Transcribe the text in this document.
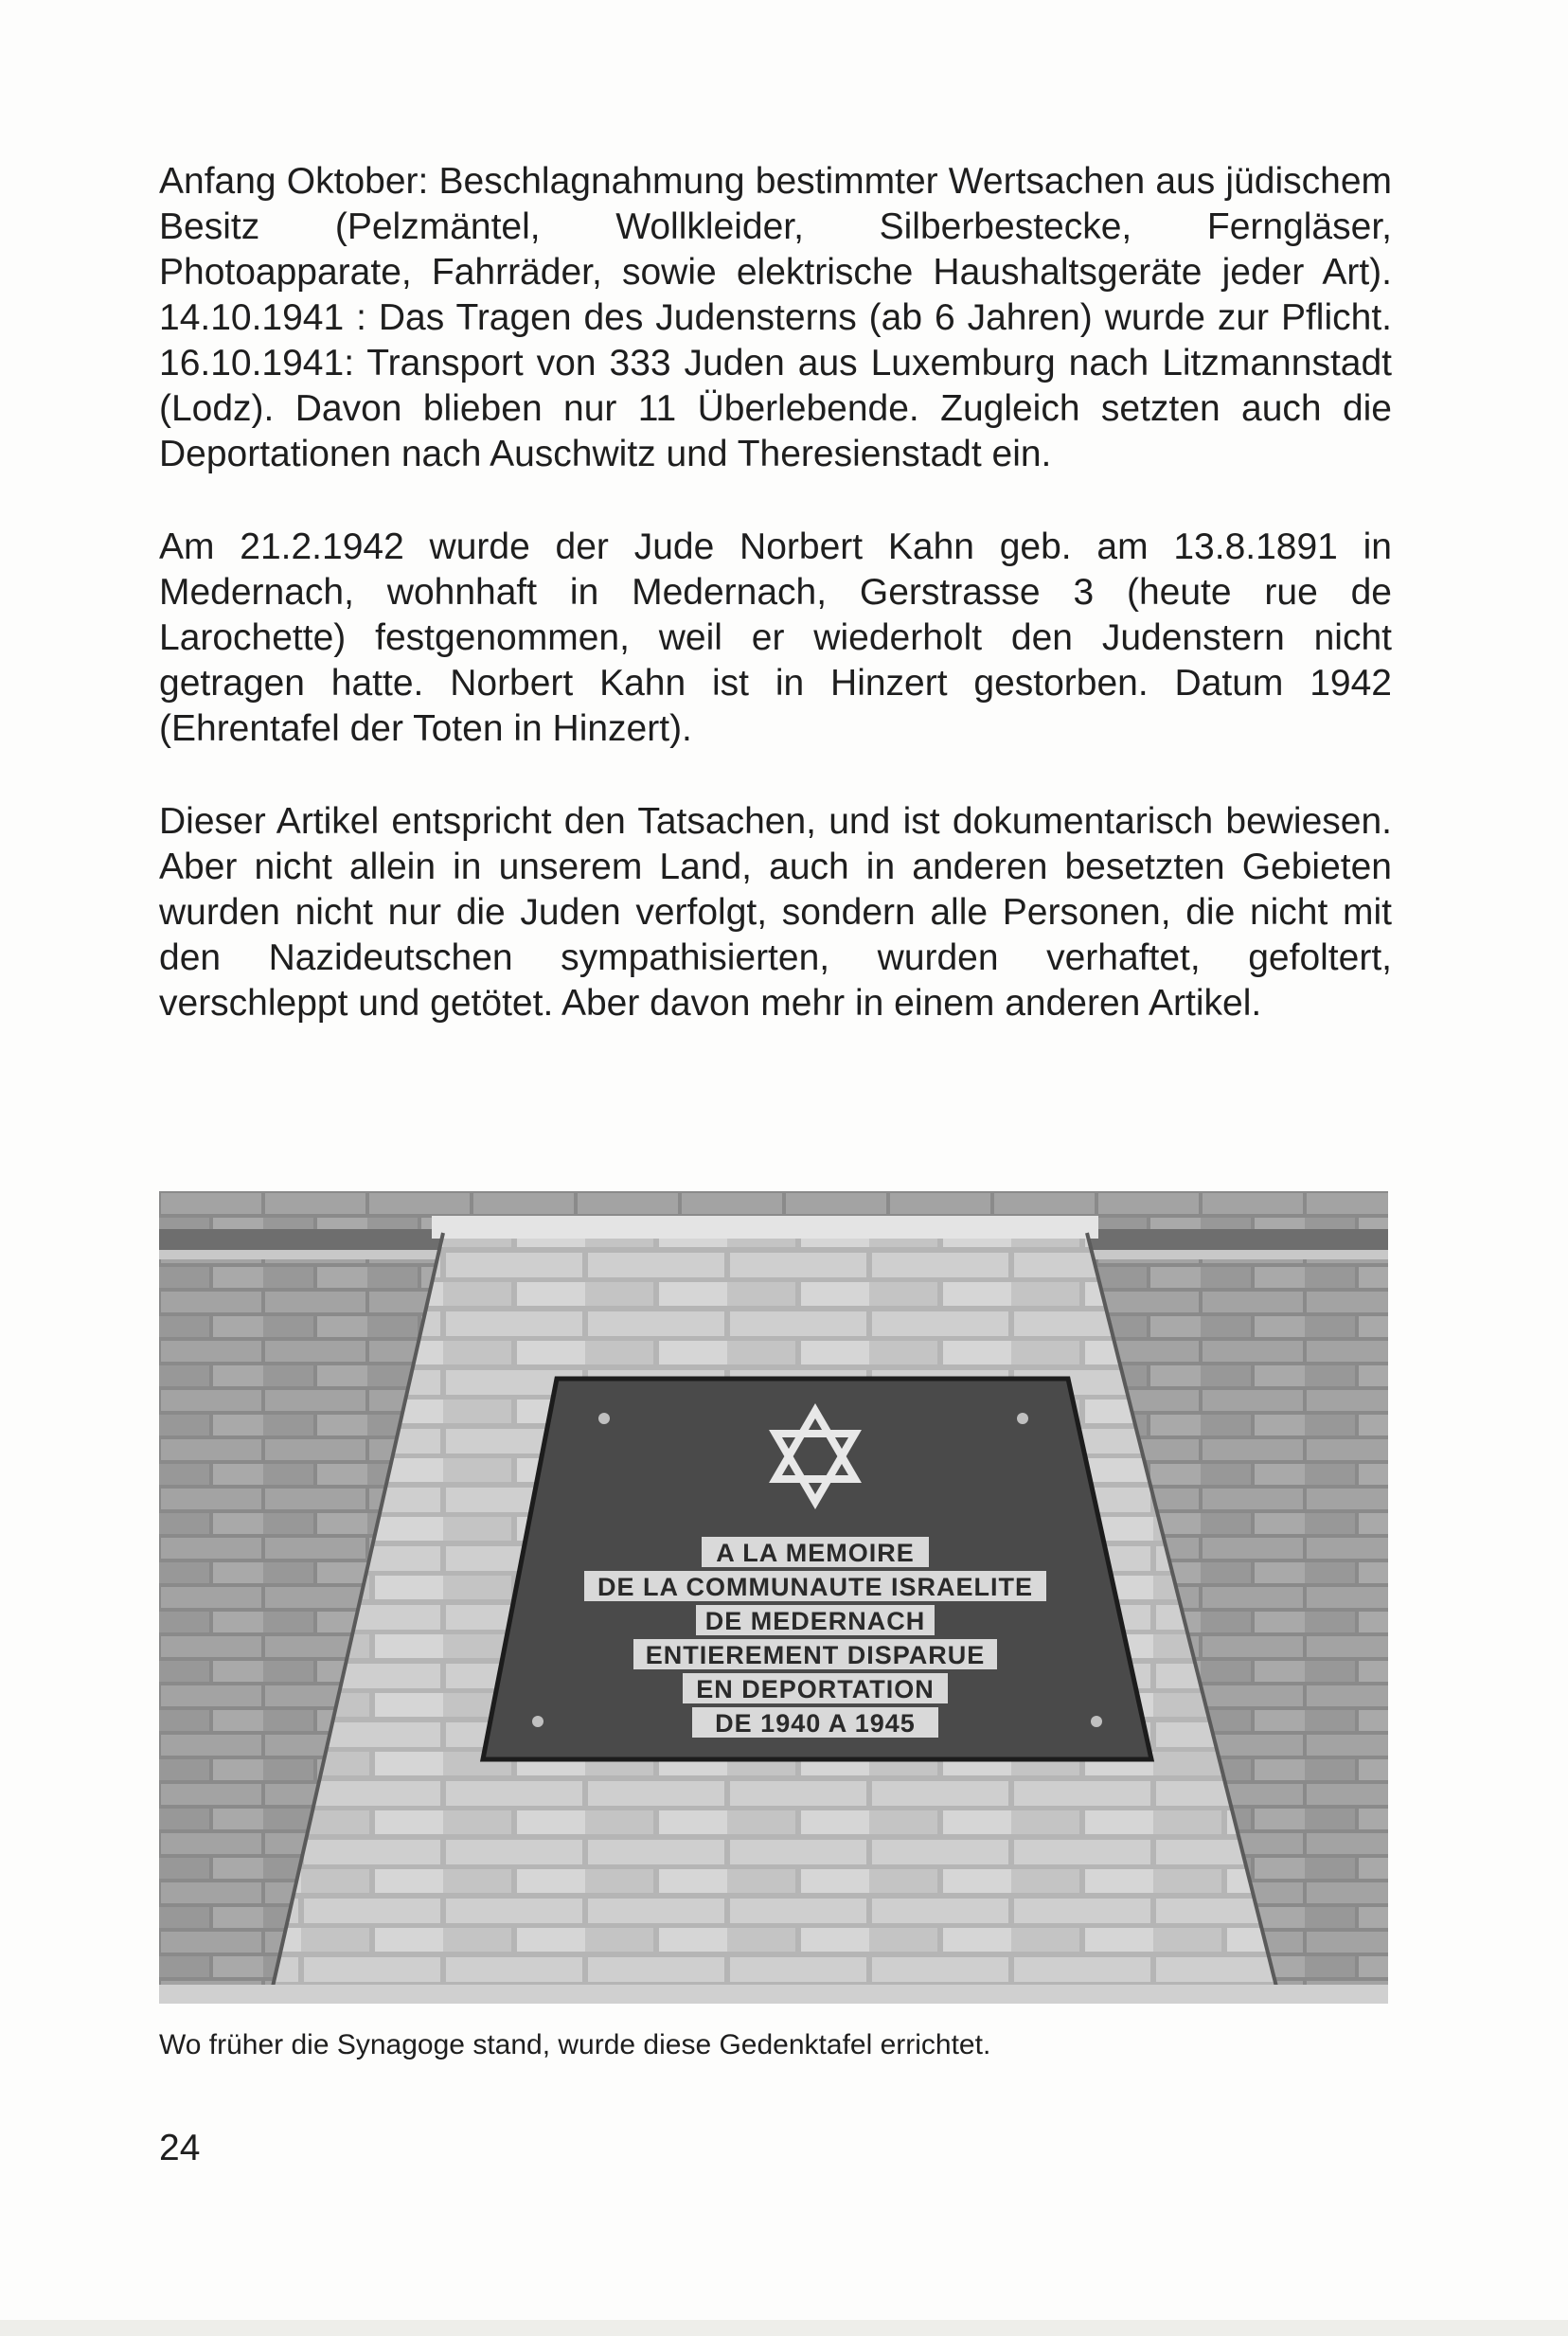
Anfang Oktober: Beschlagnahmung bestimmter Wertsachen aus jüdischem Besitz (Pelzmäntel, Wollkleider, Silberbestecke, Ferngläser, Photoapparate, Fahrräder, sowie elektrische Haushaltsgeräte jeder Art). 14.10.1941 : Das Tragen des Judensterns (ab 6 Jahren) wurde zur Pflicht. 16.10.1941: Transport von 333 Juden aus Luxemburg nach Litzmannstadt (Lodz). Davon blieben nur 11 Überlebende. Zugleich setzten auch die Deportationen nach Auschwitz und Theresienstadt ein.

Am 21.2.1942 wurde der Jude Norbert Kahn geb. am 13.8.1891 in Medernach, wohnhaft in Medernach, Gerstrasse 3 (heute rue de Larochette) festgenommen, weil er wiederholt den Judenstern nicht getragen hatte. Norbert Kahn ist in Hinzert gestorben. Datum 1942 (Ehrentafel der Toten in Hinzert).

Dieser Artikel entspricht den Tatsachen, und ist dokumentarisch bewiesen. Aber nicht allein in unserem Land, auch in anderen besetzten Gebieten wurden nicht nur die Juden verfolgt, sondern alle Personen, die nicht mit den Nazideutschen sympathisierten, wurden verhaftet, gefoltert, verschleppt und getötet. Aber davon mehr in einem anderen Artikel.

A LA MEMOIRE
DE LA COMMUNAUTE ISRAELITE
DE MEDERNACH
ENTIEREMENT DISPARUE
EN DEPORTATION
DE 1940 A 1945

Wo früher die Synagoge stand, wurde diese Gedenktafel errichtet.

24
